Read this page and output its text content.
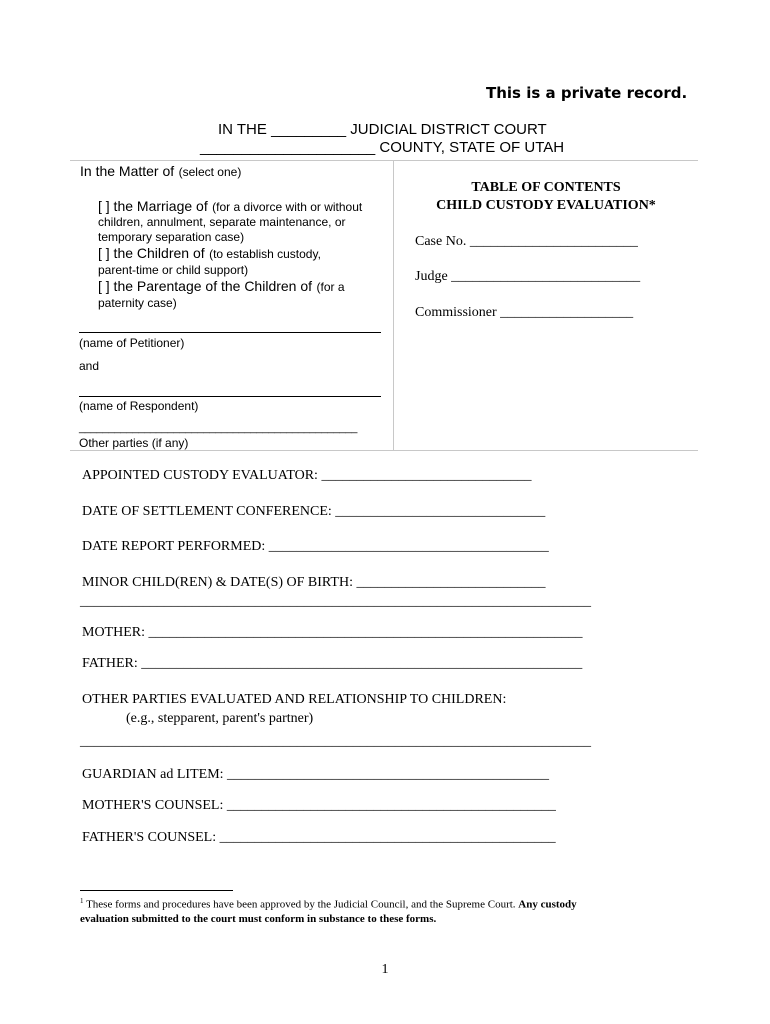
This is a private record.
IN THE _________ JUDICIAL DISTRICT COURT
_____________________ COUNTY, STATE OF UTAH
In the Matter of (select one)
[ ] the Marriage of (for a divorce with or without
children, annulment, separate maintenance, or
temporary separation case)
[ ] the Children of (to establish custody,
parent-time or child support)
[ ] the Parentage of the Children of (for a
paternity case)
(name of Petitioner)
and
(name of Respondent)
_______________________________________________
Other parties (if any)
TABLE OF CONTENTS
CHILD CUSTODY EVALUATION*
Case No. ________________________
Judge ___________________________
Commissioner ___________________
APPOINTED CUSTODY EVALUATOR: ______________________________
DATE OF SETTLEMENT CONFERENCE: ______________________________
DATE REPORT PERFORMED: ________________________________________
MINOR CHILD(REN) & DATE(S) OF BIRTH: ___________________________
_________________________________________________________________________
MOTHER: ______________________________________________________________
FATHER: _______________________________________________________________
OTHER PARTIES EVALUATED AND RELATIONSHIP TO CHILDREN:
(e.g., stepparent, parent's partner)
_________________________________________________________________________
GUARDIAN ad LITEM: ______________________________________________
MOTHER'S COUNSEL: _______________________________________________
FATHER'S COUNSEL: ________________________________________________
$^1$ These forms and procedures have been approved by the Judicial Council, and the Supreme Court. Any custody
evaluation submitted to the court must conform in substance to these forms.
1
